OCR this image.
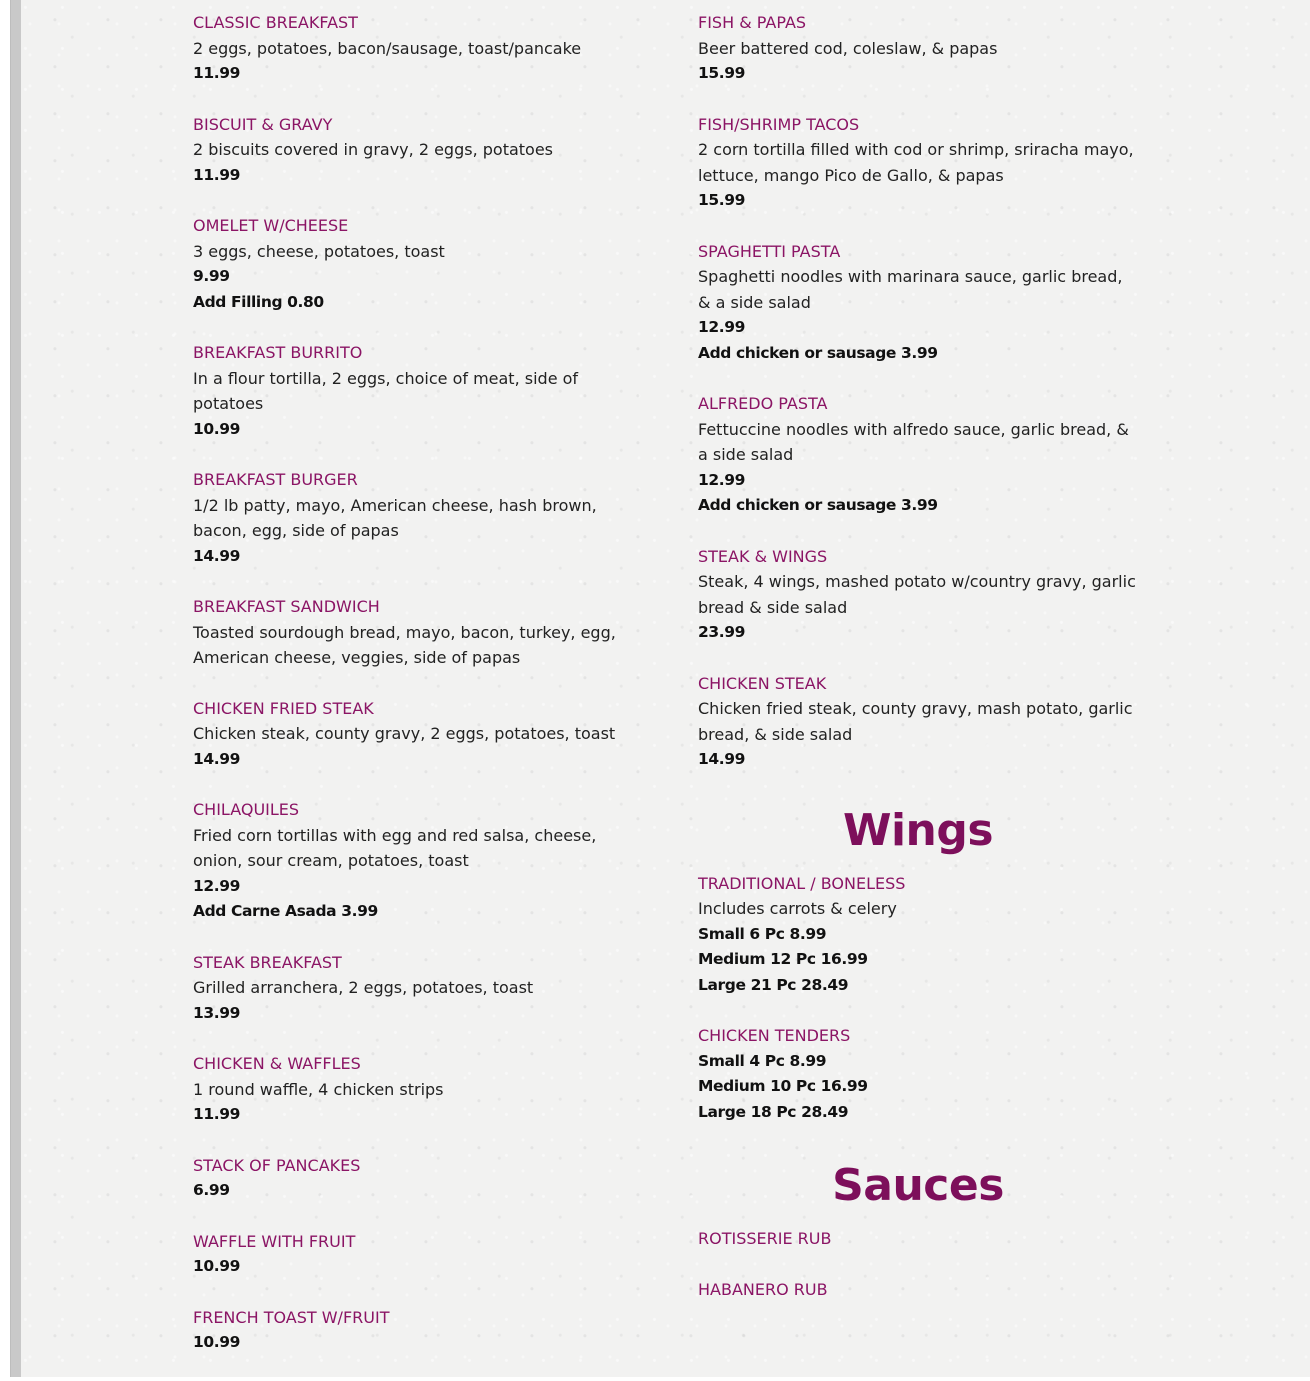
CLASSIC BREAKFAST
2 eggs, potatoes, bacon/sausage, toast/pancake
11.99
BISCUIT & GRAVY
2 biscuits covered in gravy, 2 eggs, potatoes
11.99
OMELET W/CHEESE
3 eggs, cheese, potatoes, toast
9.99
Add Filling 0.80
BREAKFAST BURRITO
In a flour tortilla, 2 eggs, choice of meat, side of potatoes
10.99
BREAKFAST BURGER
1/2 lb patty, mayo, American cheese, hash brown, bacon, egg, side of papas
14.99
BREAKFAST SANDWICH
Toasted sourdough bread, mayo, bacon, turkey, egg, American cheese, veggies, side of papas
CHICKEN FRIED STEAK
Chicken steak, county gravy, 2 eggs, potatoes, toast
14.99
CHILAQUILES
Fried corn tortillas with egg and red salsa, cheese, onion, sour cream, potatoes, toast
12.99
Add Carne Asada 3.99
STEAK BREAKFAST
Grilled arranchera, 2 eggs, potatoes, toast
13.99
CHICKEN & WAFFLES
1 round waffle, 4 chicken strips
11.99
STACK OF PANCAKES
6.99
WAFFLE WITH FRUIT
10.99
FRENCH TOAST W/FRUIT
10.99
FISH & PAPAS
Beer battered cod, coleslaw, & papas
15.99
FISH/SHRIMP TACOS
2 corn tortilla filled with cod or shrimp, sriracha mayo, lettuce, mango Pico de Gallo, & papas
15.99
SPAGHETTI PASTA
Spaghetti noodles with marinara sauce, garlic bread, & a side salad
12.99
Add chicken or sausage 3.99
ALFREDO PASTA
Fettuccine noodles with alfredo sauce, garlic bread, & a side salad
12.99
Add chicken or sausage 3.99
STEAK & WINGS
Steak, 4 wings, mashed potato w/country gravy, garlic bread & side salad
23.99
CHICKEN STEAK
Chicken fried steak, county gravy, mash potato, garlic bread, & side salad
14.99
Wings
TRADITIONAL / BONELESS
Includes carrots & celery
Small 6 Pc 8.99
Medium 12 Pc 16.99
Large 21 Pc 28.49
CHICKEN TENDERS
Small 4 Pc 8.99
Medium 10 Pc 16.99
Large 18 Pc 28.49
Sauces
ROTISSERIE RUB
HABANERO RUB
